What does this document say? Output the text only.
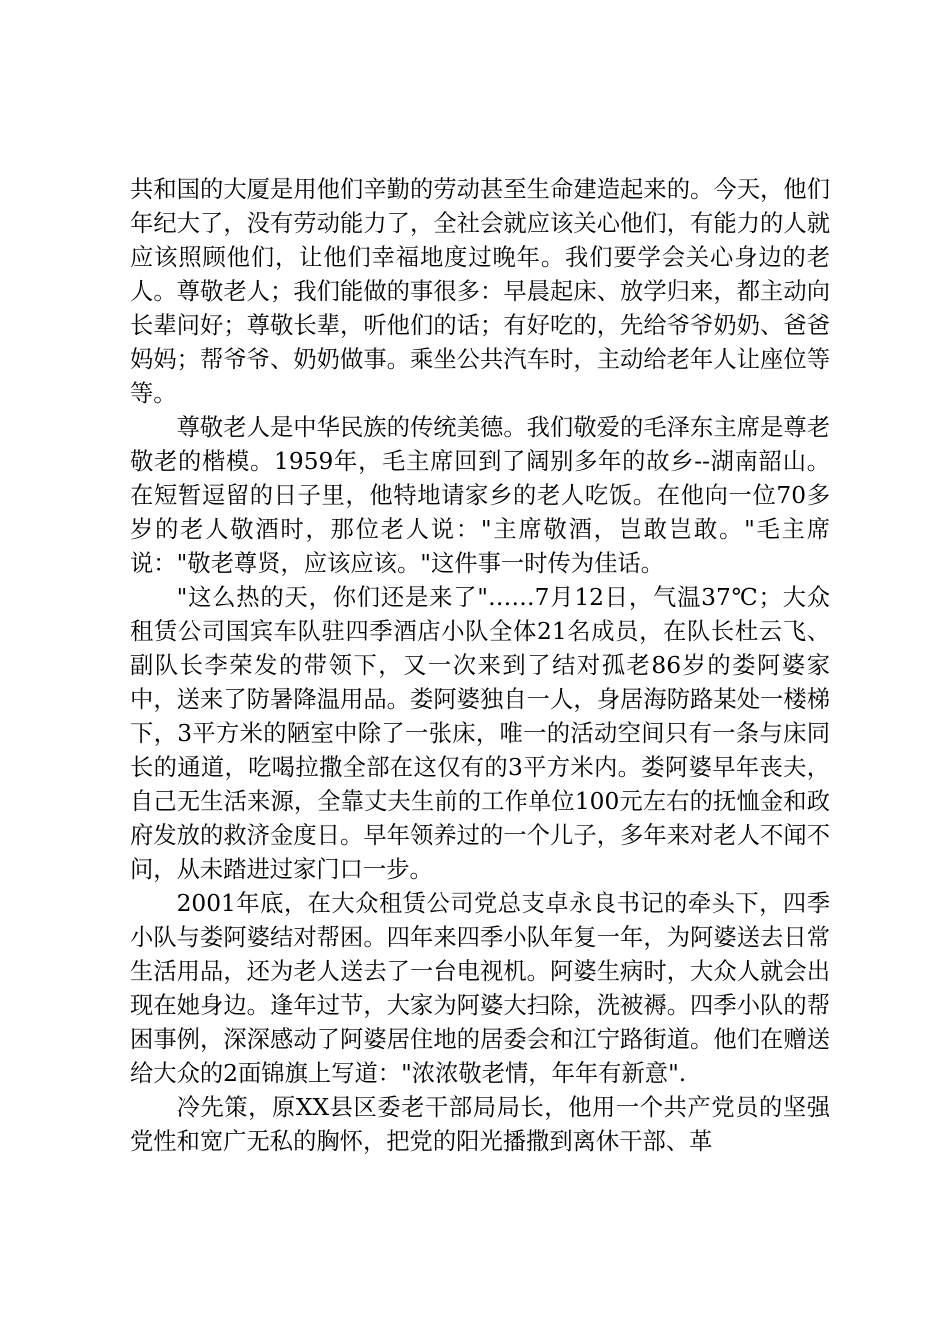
共和国的大厦是用他们辛勤的劳动甚至生命建造起来的。今天，他们年纪大了，没有劳动能力了，全社会就应该关心他们，有能力的人就应该照顾他们，让他们幸福地度过晚年。我们要学会关心身边的老人。尊敬老人；我们能做的事很多：早晨起床、放学归来，都主动向长辈问好；尊敬长辈，听他们的话；有好吃的，先给爷爷奶奶、爸爸妈妈；帮爷爷、奶奶做事。乘坐公共汽车时，主动给老年人让座位等等。

尊敬老人是中华民族的传统美德。我们敬爱的毛泽东主席是尊老敬老的楷模。1959年，毛主席回到了阔别多年的故乡--湖南韶山。在短暂逗留的日子里，他特地请家乡的老人吃饭。在他向一位70多岁的老人敬酒时，那位老人说："主席敬酒，岂敢岂敢。"毛主席说："敬老尊贤，应该应该。"这件事一时传为佳话。

"这么热的天，你们还是来了"……7月12日，气温37℃；大众租赁公司国宾车队驻四季酒店小队全体21名成员，在队长杜云飞、副队长李荣发的带领下，又一次来到了结对孤老86岁的娄阿婆家中，送来了防暑降温用品。娄阿婆独自一人，身居海防路某处一楼梯下，3平方米的陋室中除了一张床，唯一的活动空间只有一条与床同长的通道，吃喝拉撒全部在这仅有的3平方米内。娄阿婆早年丧夫，自己无生活来源，全靠丈夫生前的工作单位100元左右的抚恤金和政府发放的救济金度日。早年领养过的一个儿子，多年来对老人不闻不问，从未踏进过家门口一步。

2001年底，在大众租赁公司党总支卓永良书记的牵头下，四季小队与娄阿婆结对帮困。四年来四季小队年复一年，为阿婆送去日常生活用品，还为老人送去了一台电视机。阿婆生病时，大众人就会出现在她身边。逢年过节，大家为阿婆大扫除，洗被褥。四季小队的帮困事例，深深感动了阿婆居住地的居委会和江宁路街道。他们在赠送给大众的2面锦旗上写道："浓浓敬老情，年年有新意".

冷先策，原XX县区委老干部局局长，他用一个共产党员的坚强党性和宽广无私的胸怀，把党的阳光播撒到离休干部、革
